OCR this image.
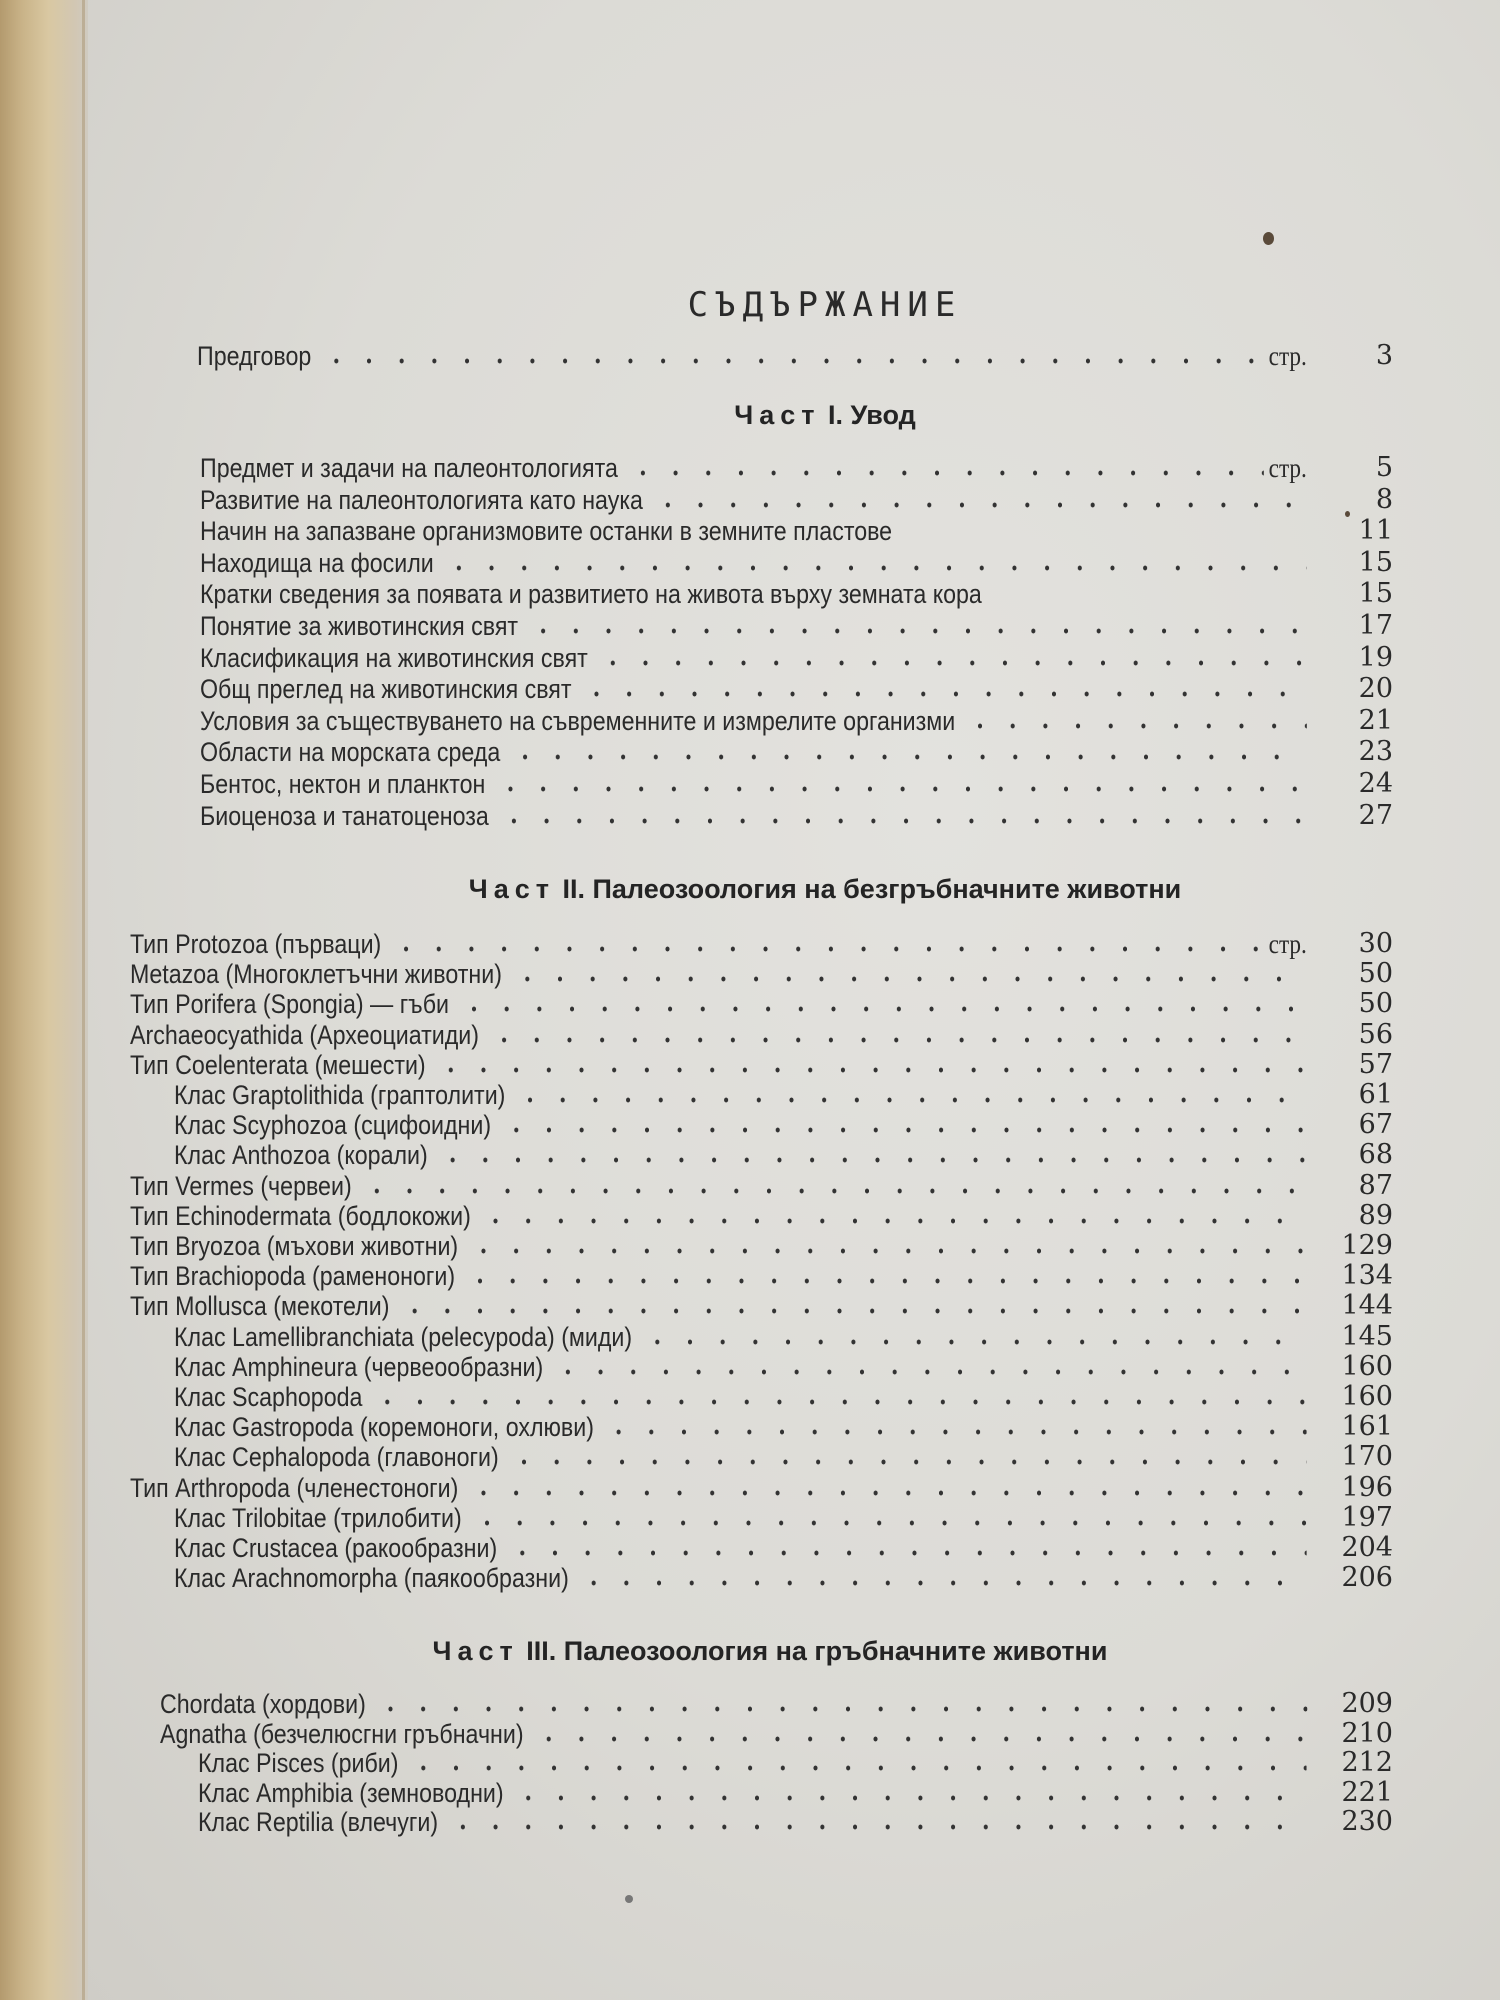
СЪДЪРЖАНИЕ
Предговор	стр.	3
Част I. Увод
Предмет и задачи на палеонтологията	стр.	5
Развитие на палеонтологията като наука	8
Начин на запазване организмовите останки в земните пластове	11
Находища на фосили	15
Кратки сведения за появата и развитието на живота върху земната кора	15
Понятие за животинския свят	17
Класификация на животинския свят	19
Общ преглед на животинския свят	20
Условия за съществуването на съвременните и измрелите организми	21
Области на морската среда	23
Бентос, нектон и планктон	24
Биоценоза и танатоценоза	27
Част II. Палеозоология на безгръбначните животни
Тип Protozoa (първаци)	стр.	30
Metazoa (Многоклетъчни животни)	50
Тип Porifera (Spongia) — гъби	50
Archaeocyathida (Археоциатиди)	56
Тип Coelenterata (мешести)	57
Клас Graptolithida (граптолити)	61
Клас Scyphozoa (сцифоидни)	67
Клас Anthozoa (корали)	68
Тип Vermes (червеи)	87
Тип Echinodermata (бодлокожи)	89
Тип Bryozoa (мъхови животни)	129
Тип Brachiopoda (раменоноги)	134
Тип Mollusca (мекотели)	144
Клас Lamellibranchiata (pelecypoda) (миди)	145
Клас Amphineura (червеообразни)	160
Клас Scaphopoda	160
Клас Gastropoda (коремоноги, охлюви)	161
Клас Cephalopoda (главоноги)	170
Тип Arthropoda (членестоноги)	196
Клас Trilobitae (трилобити)	197
Клас Crustacea (ракообразни)	204
Клас Arachnomorpha (паякообразни)	206
Част III. Палеозоология на гръбначните животни
Chordata (хордови)	209
Agnatha (безчелюсгни гръбначни)	210
Клас Pisces (риби)	212
Клас Amphibia (земноводни)	221
Клас Reptilia (влечуги)	230
